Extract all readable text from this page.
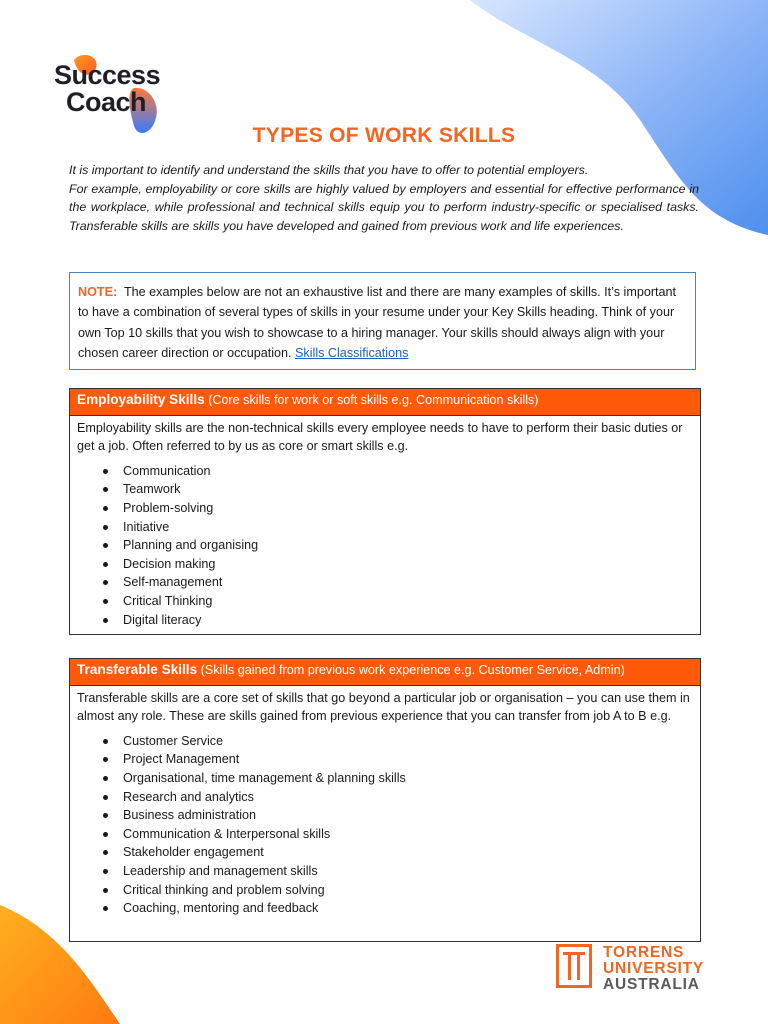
Success
Coach
TYPES OF WORK SKILLS

It is important to identify and understand the skills that you have to offer to potential employers.

For example, employability or core skills are highly valued by employers and essential for effective performance in the workplace, while professional and technical skills equip you to perform industry-specific or specialised tasks. Transferable skills are skills you have developed and gained from previous work and life experiences.

NOTE: The examples below are not an exhaustive list and there are many examples of skills. It’s important to have a combination of several types of skills in your resume under your Key Skills heading. Think of your own Top 10 skills that you wish to showcase to a hiring manager. Your skills should always align with your chosen career direction or occupation. Skills Classifications
Employability Skills (Core skills for work or soft skills e.g. Communication skills)
Employability skills are the non-technical skills every employee needs to have to perform their basic duties or get a job. Often referred to by us as core or smart skills e.g.
Communication
Teamwork
Problem-solving
Initiative
Planning and organising
Decision making
Self-management
Critical Thinking
Digital literacy
Transferable Skills (Skills gained from previous work experience e.g. Customer Service, Admin)
Transferable skills are a core set of skills that go beyond a particular job or organisation – you can use them in almost any role. These are skills gained from previous experience that you can transfer from job A to B e.g.
Customer Service
Project Management
Organisational, time management & planning skills
Research and analytics
Business administration
Communication & Interpersonal skills
Stakeholder engagement
Leadership and management skills
Critical thinking and problem solving
Coaching, mentoring and feedback
TORRENS
UNIVERSITY
AUSTRALIA
